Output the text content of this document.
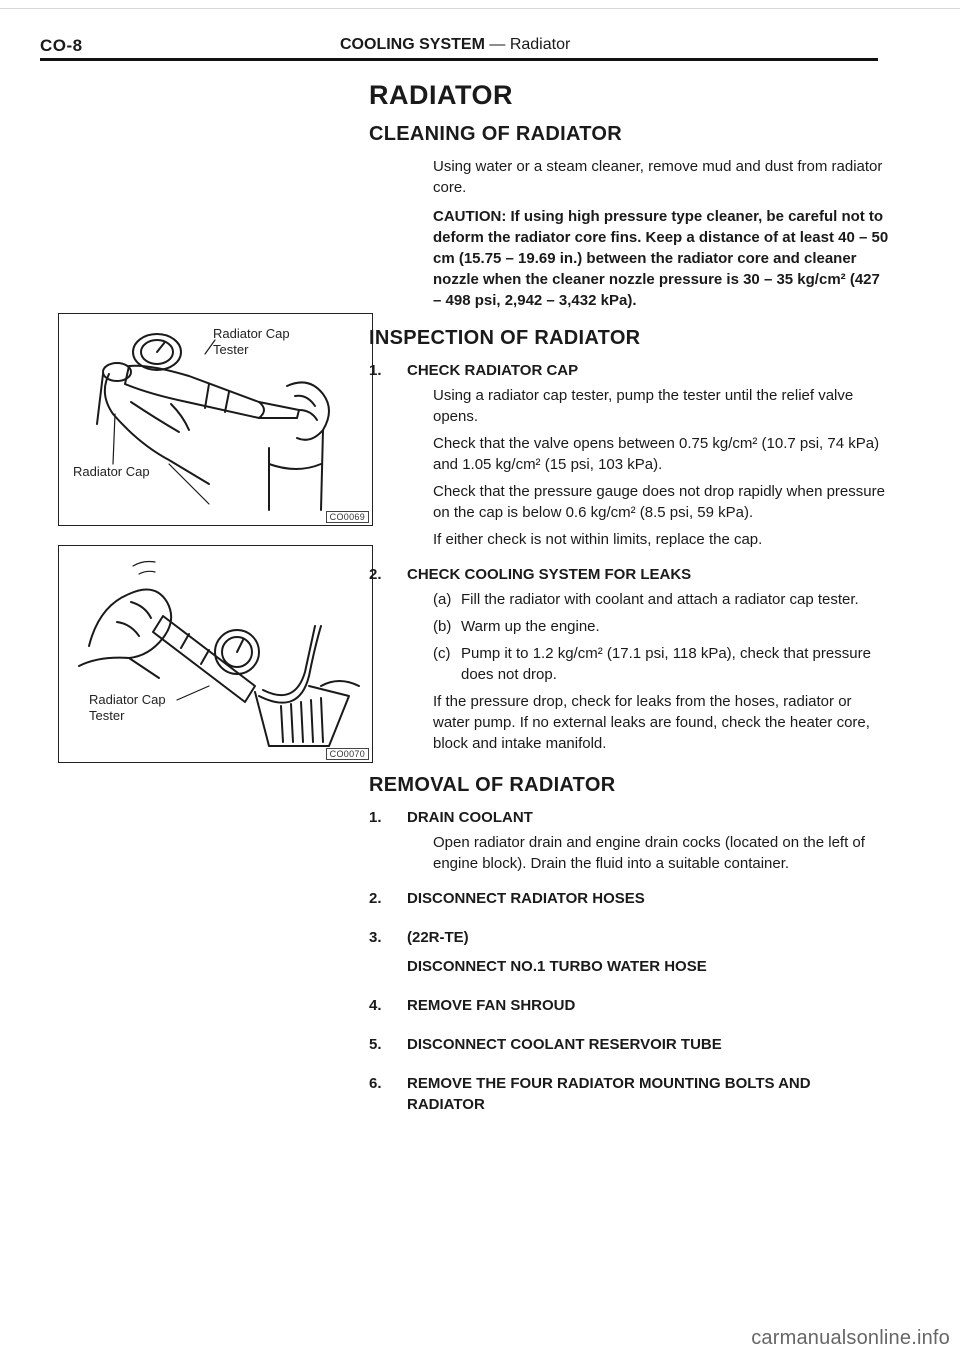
CO-8	COOLING SYSTEM — Radiator
Radiator Cap
Tester
Radiator Cap
CO0069
Radiator Cap
Tester
CO0070
RADIATOR
CLEANING OF RADIATOR

Using water or a steam cleaner, remove mud and dust from radiator core.

CAUTION: If using high pressure type cleaner, be careful not to deform the radiator core fins. Keep a distance of at least 40 – 50 cm (15.75 – 19.69 in.) between the radiator core and cleaner nozzle when the cleaner nozzle pressure is 30 – 35 kg/cm² (427 – 498 psi, 2,942 – 3,432 kPa).

INSPECTION OF RADIATOR
1.	CHECK RADIATOR CAP

Using a radiator cap tester, pump the tester until the relief valve opens.

Check that the valve opens between 0.75 kg/cm² (10.7 psi, 74 kPa) and 1.05 kg/cm² (15 psi, 103 kPa).

Check that the pressure gauge does not drop rapidly when pressure on the cap is below 0.6 kg/cm² (8.5 psi, 59 kPa).

If either check is not within limits, replace the cap.

2.	CHECK COOLING SYSTEM FOR LEAKS
(a) Fill the radiator with coolant and attach a radiator cap tester.
(b) Warm up the engine.
(c) Pump it to 1.2 kg/cm² (17.1 psi, 118 kPa), check that pressure does not drop.

If the pressure drop, check for leaks from the hoses, radiator or water pump. If no external leaks are found, check the heater core, block and intake manifold.

REMOVAL OF RADIATOR
1.	DRAIN COOLANT

Open radiator drain and engine drain cocks (located on the left of engine block). Drain the fluid into a suitable container.

2.	DISCONNECT RADIATOR HOSES
3.	(22R-TE)
DISCONNECT NO.1 TURBO WATER HOSE
4.	REMOVE FAN SHROUD
5.	DISCONNECT COOLANT RESERVOIR TUBE
6.	REMOVE THE FOUR RADIATOR MOUNTING BOLTS AND RADIATOR
carmanualsonline.info
